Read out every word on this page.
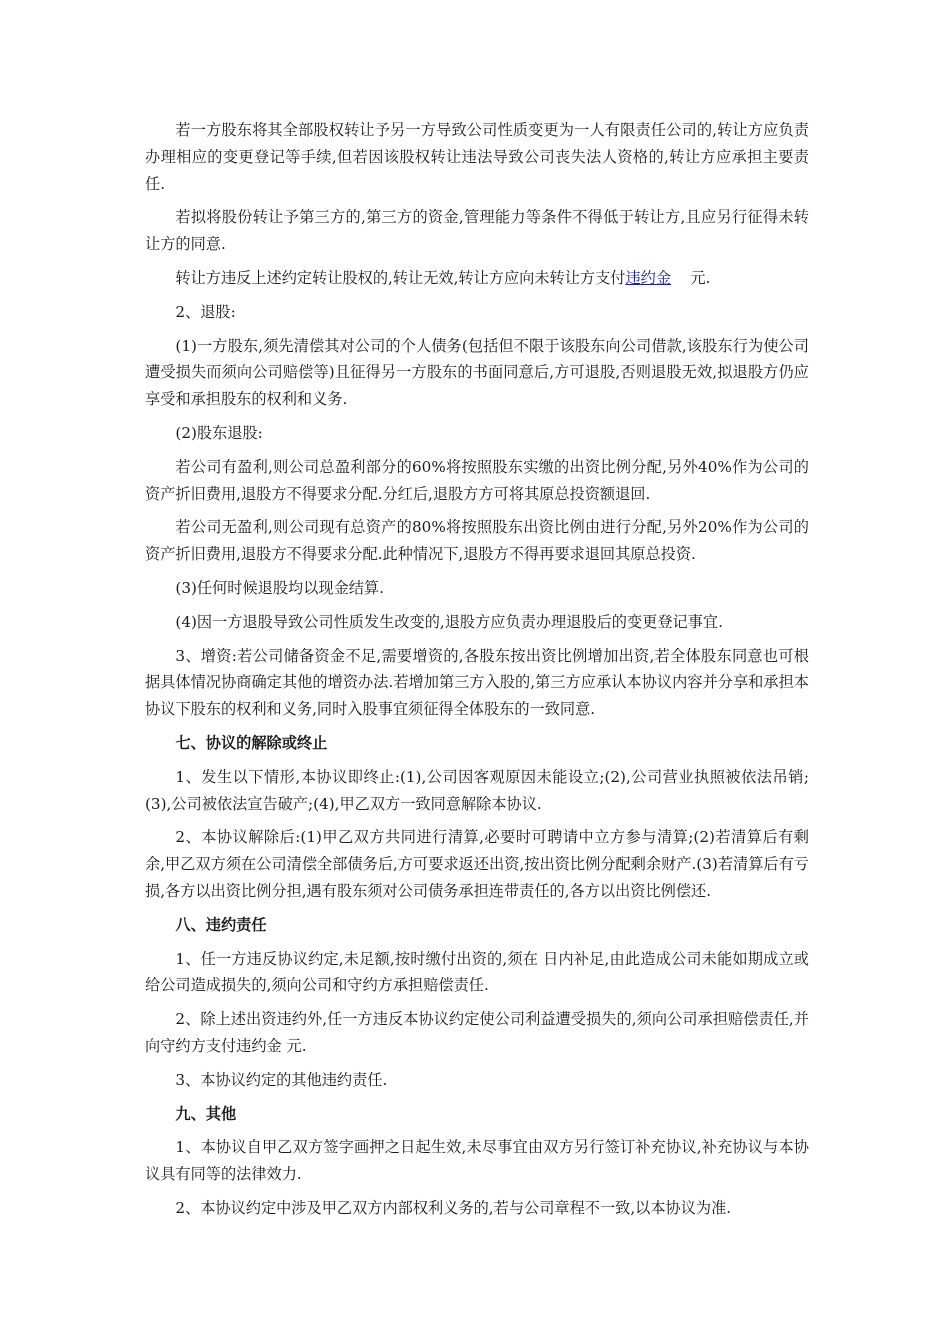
若一方股东将其全部股权转让予另一方导致公司性质变更为一人有限责任公司的,转让方应负责办理相应的变更登记等手续,但若因该股权转让违法导致公司丧失法人资格的,转让方应承担主要责任.

若拟将股份转让予第三方的,第三方的资金,管理能力等条件不得低于转让方,且应另行征得未转让方的同意.

转让方违反上述约定转让股权的,转让无效,转让方应向未转让方支付违约金    元.

2、退股:

(1)一方股东,须先清偿其对公司的个人债务(包括但不限于该股东向公司借款,该股东行为使公司遭受损失而须向公司赔偿等)且征得另一方股东的书面同意后,方可退股,否则退股无效,拟退股方仍应享受和承担股东的权利和义务.

(2)股东退股:

若公司有盈利,则公司总盈利部分的60%将按照股东实缴的出资比例分配,另外40%作为公司的资产折旧费用,退股方不得要求分配.分红后,退股方方可将其原总投资额退回.

若公司无盈利,则公司现有总资产的80%将按照股东出资比例由进行分配,另外20%作为公司的资产折旧费用,退股方不得要求分配.此种情况下,退股方不得再要求退回其原总投资.

(3)任何时候退股均以现金结算.

(4)因一方退股导致公司性质发生改变的,退股方应负责办理退股后的变更登记事宜.

3、增资:若公司储备资金不足,需要增资的,各股东按出资比例增加出资,若全体股东同意也可根据具体情况协商确定其他的增资办法.若增加第三方入股的,第三方应承认本协议内容并分享和承担本协议下股东的权利和义务,同时入股事宜须征得全体股东的一致同意.

七、协议的解除或终止

1、发生以下情形,本协议即终止:(1),公司因客观原因未能设立;(2),公司营业执照被依法吊销;(3),公司被依法宣告破产;(4),甲乙双方一致同意解除本协议.

2、本协议解除后:(1)甲乙双方共同进行清算,必要时可聘请中立方参与清算;(2)若清算后有剩余,甲乙双方须在公司清偿全部债务后,方可要求返还出资,按出资比例分配剩余财产.(3)若清算后有亏损,各方以出资比例分担,遇有股东须对公司债务承担连带责任的,各方以出资比例偿还.

八、违约责任

1、任一方违反协议约定,未足额,按时缴付出资的,须在 日内补足,由此造成公司未能如期成立或给公司造成损失的,须向公司和守约方承担赔偿责任.

2、除上述出资违约外,任一方违反本协议约定使公司利益遭受损失的,须向公司承担赔偿责任,并向守约方支付违约金 元.

3、本协议约定的其他违约责任.

九、其他

1、本协议自甲乙双方签字画押之日起生效,未尽事宜由双方另行签订补充协议,补充协议与本协议具有同等的法律效力.

2、本协议约定中涉及甲乙双方内部权利义务的,若与公司章程不一致,以本协议为准.
